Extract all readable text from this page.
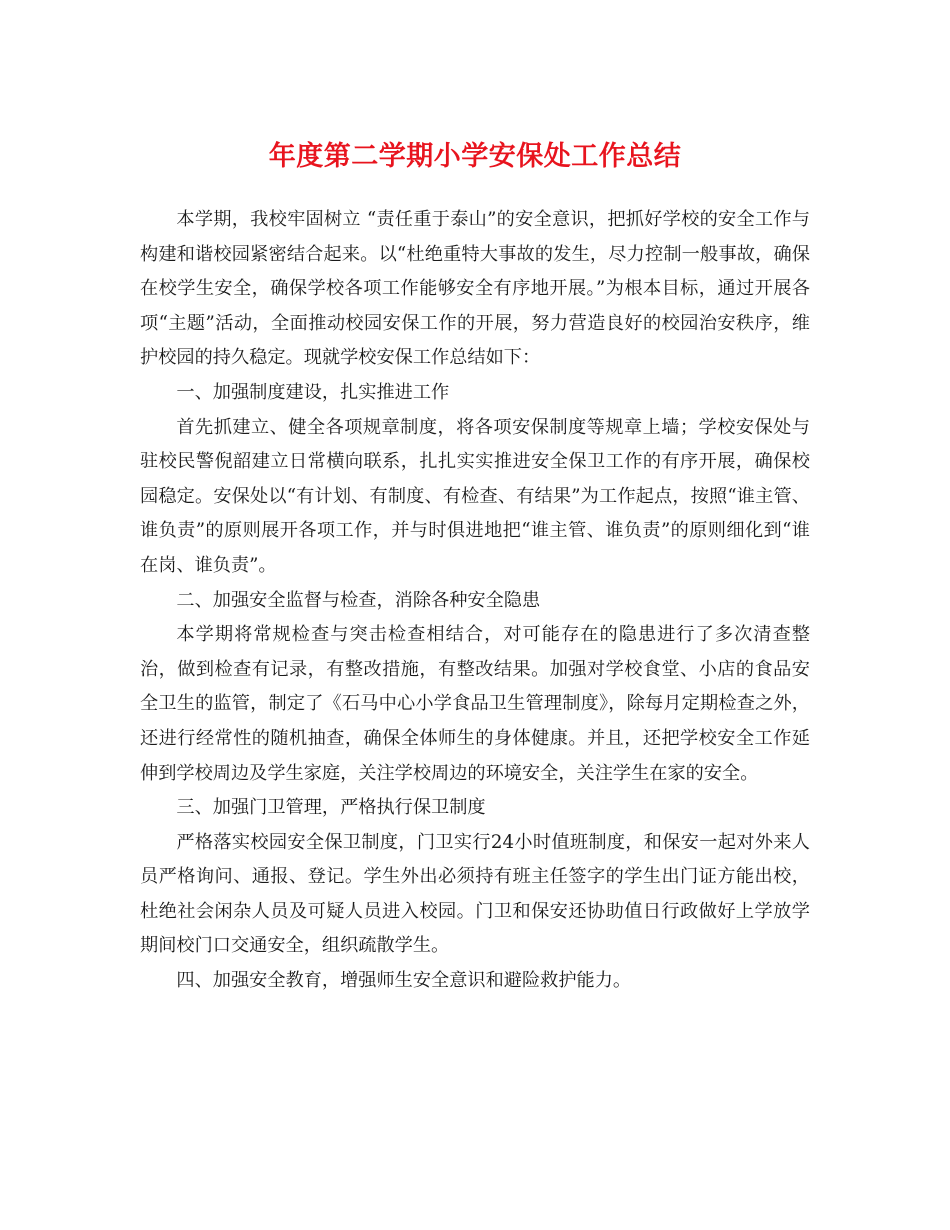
年度第二学期小学安保处工作总结

本学期，我校牢固树立 “责任重于泰山”的安全意识，把抓好学校的安全工作与构建和谐校园紧密结合起来。以“杜绝重特大事故的发生，尽力控制一般事故，确保在校学生安全，确保学校各项工作能够安全有序地开展。”为根本目标，通过开展各项“主题”活动，全面推动校园安保工作的开展，努力营造良好的校园治安秩序，维护校园的持久稳定。现就学校安保工作总结如下：

一、加强制度建设，扎实推进工作

首先抓建立、健全各项规章制度，将各项安保制度等规章上墙；学校安保处与驻校民警倪韶建立日常横向联系，扎扎实实推进安全保卫工作的有序开展，确保校园稳定。安保处以“有计划、有制度、有检查、有结果”为工作起点，按照“谁主管、谁负责”的原则展开各项工作，并与时俱进地把“谁主管、谁负责”的原则细化到“谁在岗、谁负责”。

二、加强安全监督与检查，消除各种安全隐患

本学期将常规检查与突击检查相结合，对可能存在的隐患进行了多次清查整治，做到检查有记录，有整改措施，有整改结果。加强对学校食堂、小店的食品安全卫生的监管，制定了《石马中心小学食品卫生管理制度》，除每月定期检查之外，还进行经常性的随机抽查，确保全体师生的身体健康。并且，还把学校安全工作延伸到学校周边及学生家庭，关注学校周边的环境安全，关注学生在家的安全。

三、加强门卫管理，严格执行保卫制度

严格落实校园安全保卫制度，门卫实行24小时值班制度，和保安一起对外来人员严格询问、通报、登记。学生外出必须持有班主任签字的学生出门证方能出校，杜绝社会闲杂人员及可疑人员进入校园。门卫和保安还协助值日行政做好上学放学期间校门口交通安全，组织疏散学生。

四、加强安全教育，增强师生安全意识和避险救护能力。
